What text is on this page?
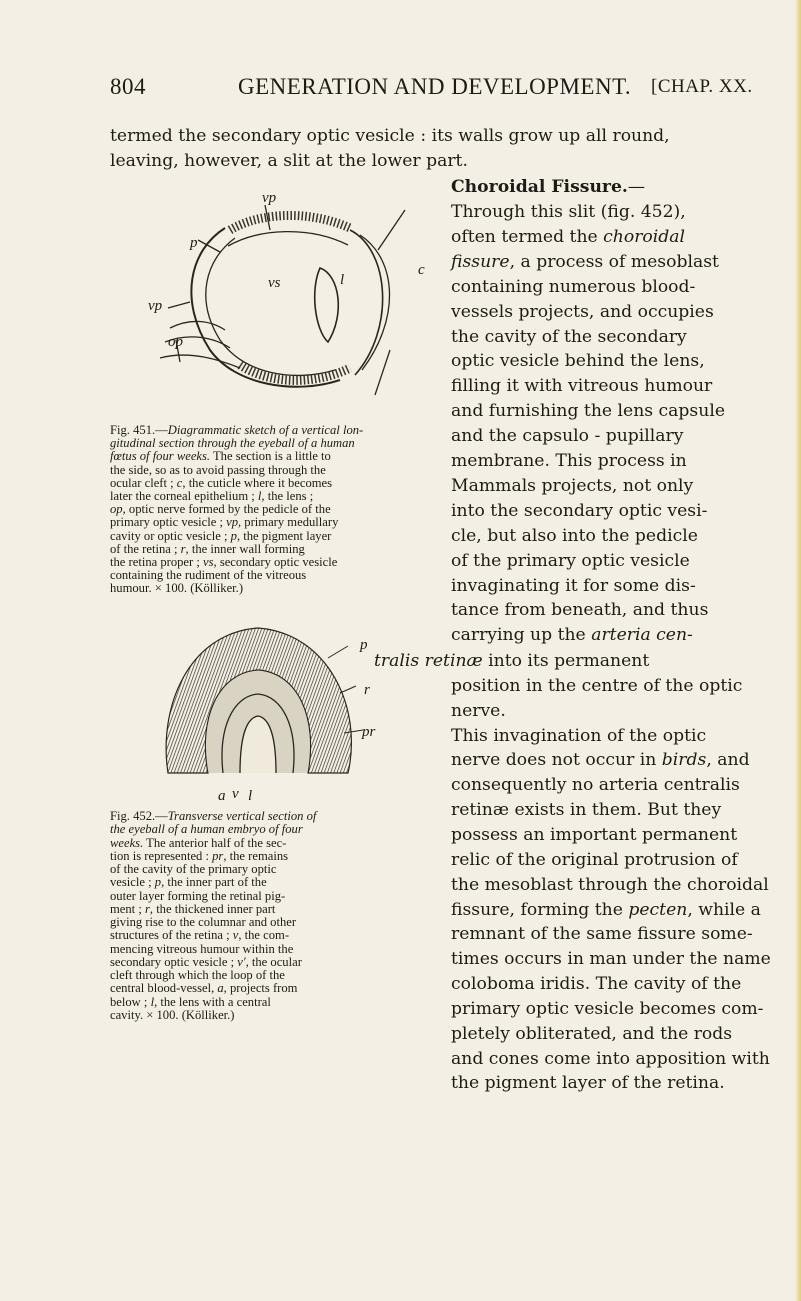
804	GENERATION AND DEVELOPMENT. [CHAP. XX.
termed the secondary optic vesicle : its walls grow up all round,
leaving, however, a slit at the lower part.
Choroidal Fissure.—
Through this slit (fig. 452),
often termed the choroidal
fissure, a process of mesoblast
containing numerous blood-
vessels projects, and occupies
the cavity of the secondary
optic vesicle behind the lens,
filling it with vitreous humour
and furnishing the lens capsule
and the capsulo - pupillary
membrane. This process in
Mammals projects, not only
into the secondary optic vesi-
cle, but also into the pedicle
of the primary optic vesicle
invaginating it for some dis-
tance from beneath, and thus
carrying up the arteria cen-
tralis retinæ into its permanent
position in the centre of the optic
nerve.
This invagination of the optic
nerve does not occur in birds, and
consequently no arteria centralis
retinæ exists in them. But they
possess an important permanent
relic of the original protrusion of
the mesoblast through the choroidal
fissure, forming the pecten, while a
remnant of the same fissure some-
times occurs in man under the name
coloboma iridis. The cavity of the
primary optic vesicle becomes com-
pletely obliterated, and the rods
and cones come into apposition with
the pigment layer of the retina.
vp
p
c
vs	l
vp
op
Fig. 451.—Diagrammatic sketch of a vertical lon-
gitudinal section through the eyeball of a human
fœtus of four weeks. The section is a little to
the side, so as to avoid passing through the
ocular cleft ; c, the cuticle where it becomes
later the corneal epithelium ; l, the lens ;
op, optic nerve formed by the pedicle of the
primary optic vesicle ; vp, primary medullary
cavity or optic vesicle ; p, the pigment layer
of the retina ; r, the inner wall forming
the retina proper ; vs, secondary optic vesicle
containing the rudiment of the vitreous
humour. × 100. (Kölliker.)
p
r
pr
a l
v
Fig. 452.—Transverse vertical section of
the eyeball of a human embryo of four
weeks. The anterior half of the sec-
tion is represented : pr, the remains
of the cavity of the primary optic
vesicle ; p, the inner part of the
outer layer forming the retinal pig-
ment ; r, the thickened inner part
giving rise to the columnar and other
structures of the retina ; v, the com-
mencing vitreous humour within the
secondary optic vesicle ; v', the ocular
cleft through which the loop of the
central blood-vessel, a, projects from
below ; l, the lens with a central
cavity. × 100. (Kölliker.)
